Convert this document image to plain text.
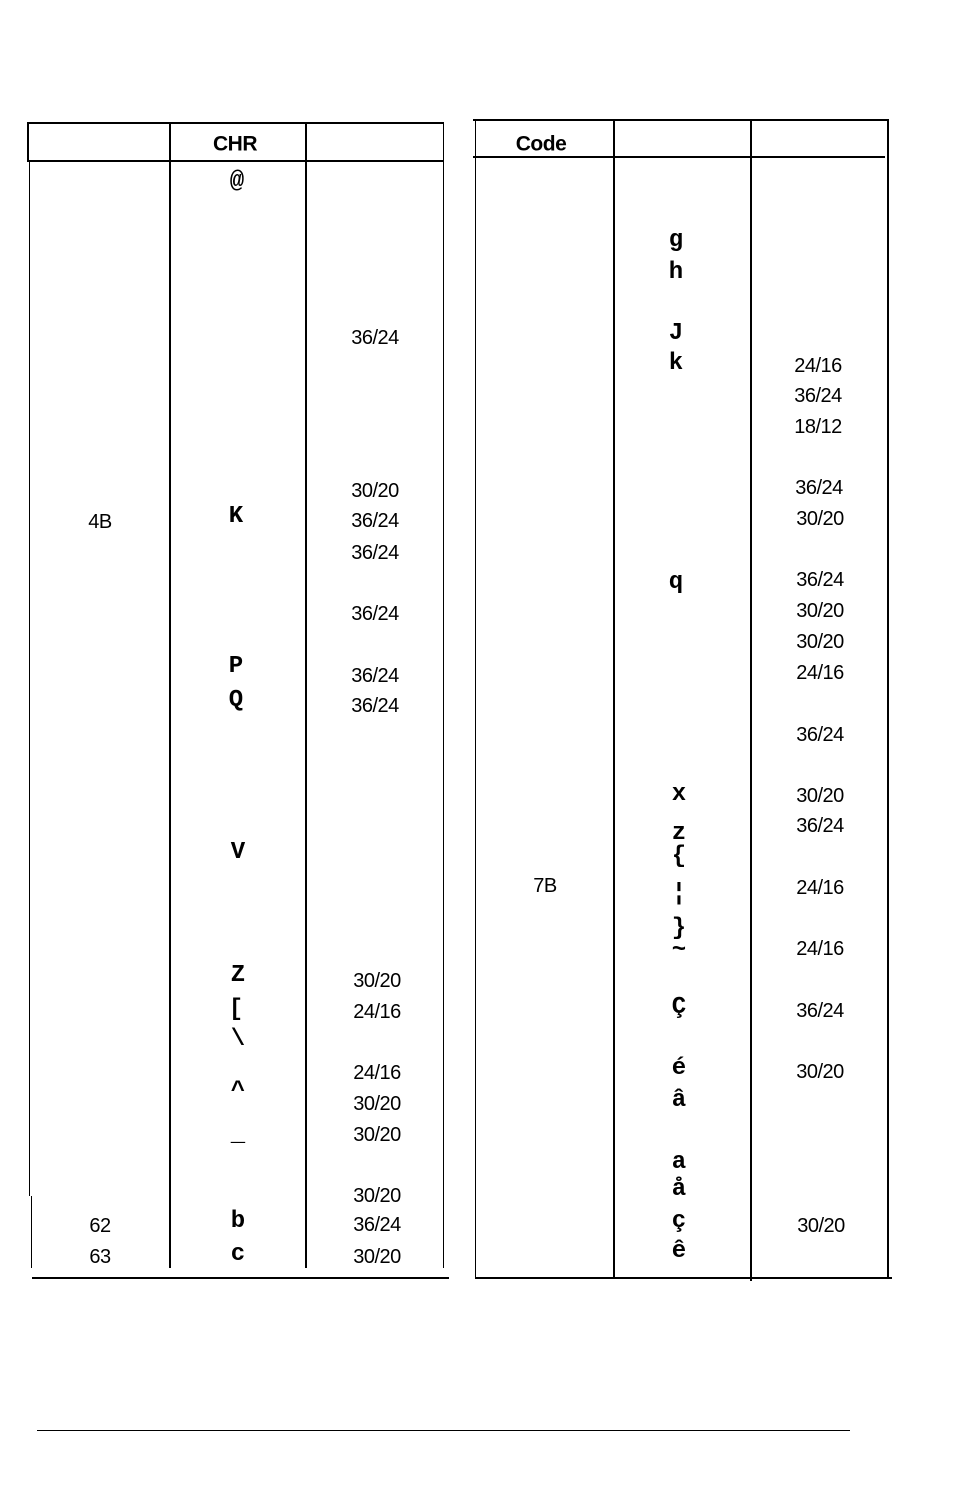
CHR
4B
62
63
@
K
P
Q
V
Z
[
\
^
¯
b
c
36/24
30/20
36/24
36/24
36/24
36/24
36/24
30/20
24/16
24/16
30/20
30/20
30/20
36/24
30/20
Code
7B
g
h
J
k
q
x
z
{
¦
}
~
Ç
é
â
a
å
ç
ê
24/16
36/24
18/12
36/24
30/20
36/24
30/20
30/20
24/16
36/24
30/20
36/24
24/16
24/16
36/24
30/20
30/20
